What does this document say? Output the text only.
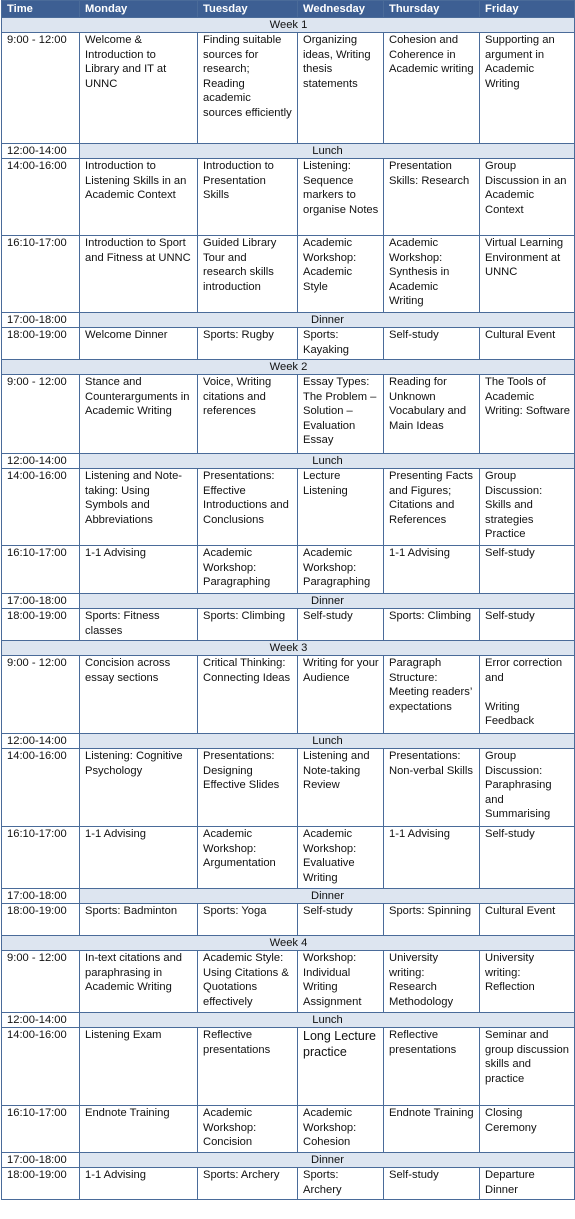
Time	Monday	Tuesday	Wednesday	Thursday	Friday
Week 1					
9:00 - 12:00	Welcome & Introduction to Library and IT at UNNC	Finding suitable sources for research; Reading academic sources efficiently	Organizing ideas, Writing thesis statements	Cohesion and Coherence in Academic writing	Supporting an argument in Academic Writing
12:00-14:00	Lunch				
14:00-16:00	Introduction to Listening Skills in an Academic Context	Introduction to Presentation Skills	Listening: Sequence markers to organise Notes	Presentation Skills: Research	Group Discussion in an Academic Context
16:10-17:00	Introduction to Sport and Fitness at UNNC	Guided Library Tour and research skills introduction	Academic Workshop: Academic Style	Academic Workshop: Synthesis in Academic Writing	Virtual Learning Environment at UNNC
17:00-18:00	Dinner				
18:00-19:00	Welcome Dinner	Sports: Rugby	Sports: Kayaking	Self-study	Cultural Event
Week 2					
9:00 - 12:00	Stance and Counterarguments in Academic Writing	Voice, Writing citations and references	Essay Types: The Problem – Solution – Evaluation Essay	Reading for Unknown Vocabulary and Main Ideas	The Tools of Academic Writing: Software
12:00-14:00	Lunch				
14:00-16:00	Listening and Note-taking: Using Symbols and Abbreviations	Presentations: Effective Introductions and Conclusions	Lecture Listening	Presenting Facts and Figures; Citations and References	Group Discussion: Skills and strategies Practice
16:10-17:00	1-1 Advising	Academic Workshop: Paragraphing	Academic Workshop: Paragraphing	1-1 Advising	Self-study
17:00-18:00	Dinner				
18:00-19:00	Sports: Fitness classes	Sports: Climbing	Self-study	Sports: Climbing	Self-study
Week 3					
9:00 - 12:00	Concision across essay sections	Critical Thinking: Connecting Ideas	Writing for your Audience	Paragraph Structure: Meeting readers’ expectations	Error correction and

Writing Feedback
12:00-14:00	Lunch				
14:00-16:00	Listening: Cognitive Psychology	Presentations: Designing Effective Slides	Listening and Note-taking Review	Presentations: Non-verbal Skills	Group Discussion: Paraphrasing and Summarising
16:10-17:00	1-1 Advising	Academic Workshop: Argumentation	Academic Workshop: Evaluative Writing	1-1 Advising	Self-study
17:00-18:00	Dinner				
18:00-19:00	Sports: Badminton	Sports: Yoga	Self-study	Sports: Spinning	Cultural Event
Week 4					
9:00 - 12:00	In-text citations and paraphrasing in Academic Writing	Academic Style: Using Citations & Quotations effectively	Workshop: Individual Writing Assignment	University writing: Research Methodology	University writing: Reflection
12:00-14:00	Lunch				
14:00-16:00	Listening Exam	Reflective presentations	Long Lecture practice	Reflective presentations	Seminar and group discussion skills and practice
16:10-17:00	Endnote Training	Academic Workshop: Concision	Academic Workshop: Cohesion	Endnote Training	Closing Ceremony
17:00-18:00	Dinner				
18:00-19:00	1-1 Advising	Sports: Archery	Sports: Archery	Self-study	Departure Dinner
